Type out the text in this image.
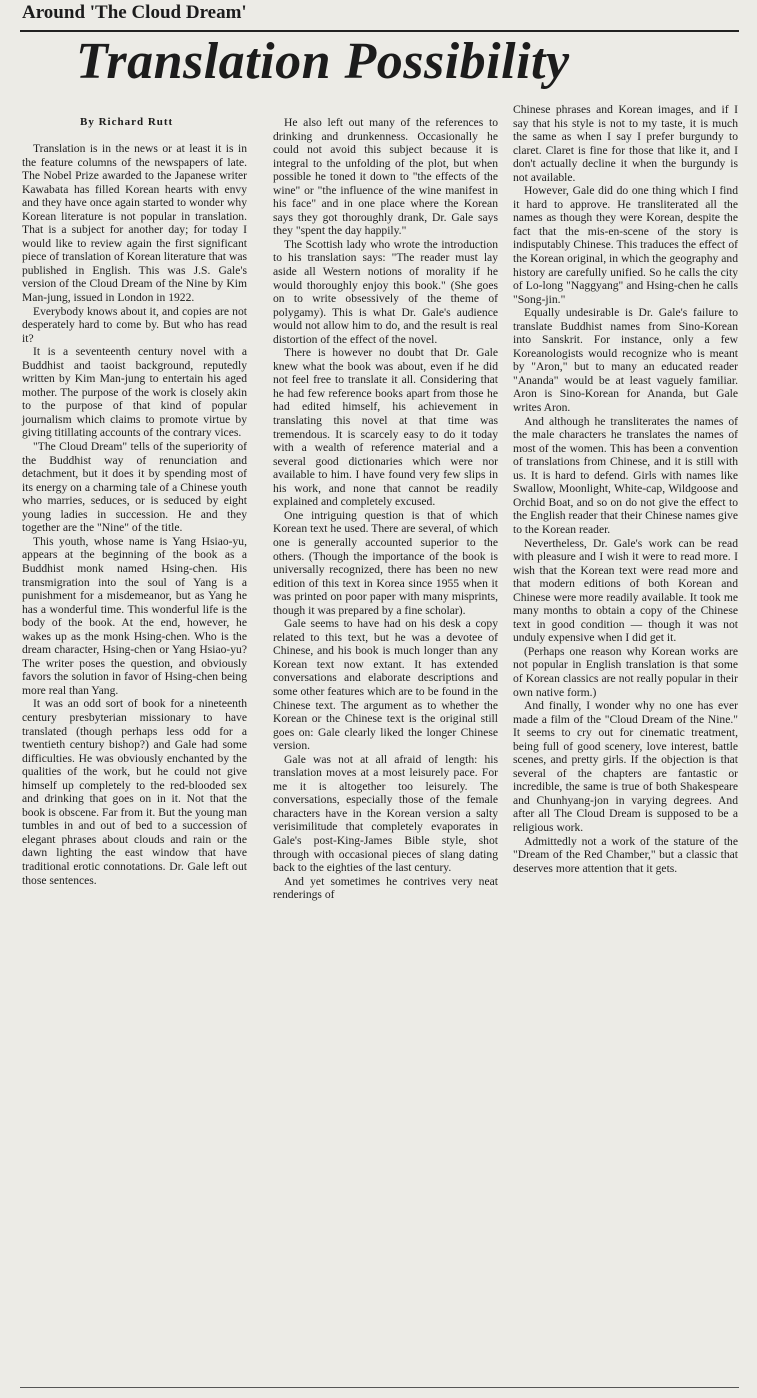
Around 'The Cloud Dream'
Translation Possibility
By Richard Rutt

Translation is in the news or at least it is in the feature columns of the newspapers of late. The Nobel Prize awarded to the Japanese writer Kawabata has filled Korean hearts with envy and they have once again started to wonder why Korean literature is not popular in translation. That is a subject for another day; for today I would like to review again the first significant piece of translation of Korean literature that was published in English. This was J.S. Gale's version of the Cloud Dream of the Nine by Kim Man-jung, issued in London in 1922.

Everybody knows about it, and copies are not desperately hard to come by. But who has read it?

It is a seventeenth century novel with a Buddhist and taoist background, reputedly written by Kim Man-jung to entertain his aged mother. The purpose of the work is closely akin to the purpose of that kind of popular journalism which claims to promote virtue by giving titillating accounts of the contrary vices.

"The Cloud Dream" tells of the superiority of the Buddhist way of renunciation and detachment, but it does it by spending most of its energy on a charming tale of a Chinese youth who marries, seduces, or is seduced by eight young ladies in succession. He and they together are the "Nine" of the title.

This youth, whose name is Yang Hsiao-yu, appears at the beginning of the book as a Buddhist monk named Hsing-chen. His transmigration into the soul of Yang is a punishment for a misdemeanor, but as Yang he has a wonderful time. This wonderful life is the body of the book. At the end, however, he wakes up as the monk Hsing-chen. Who is the dream character, Hsing-chen or Yang Hsiao-yu? The writer poses the question, and obviously favors the solution in favor of Hsing-chen being more real than Yang.

It was an odd sort of book for a nineteenth century presbyterian missionary to have translated (though perhaps less odd for a twentieth century bishop?) and Gale had some difficulties. He was obviously enchanted by the qualities of the work, but he could not give himself up completely to the red-blooded sex and drinking that goes on in it. Not that the book is obscene. Far from it. But the young man tumbles in and out of bed to a succession of elegant phrases about clouds and rain or the dawn lighting the east window that have traditional erotic connotations. Dr. Gale left out those sentences.

He also left out many of the references to drinking and drunkenness. Occasionally he could not avoid this subject because it is integral to the unfolding of the plot, but when possible he toned it down to "the effects of the wine" or "the influence of the wine manifest in his face" and in one place where the Korean says they got thoroughly drank, Dr. Gale says they "spent the day happily."

The Scottish lady who wrote the introduction to his translation says: "The reader must lay aside all Western notions of morality if he would thoroughly enjoy this book." (She goes on to write obsessively of the theme of polygamy). This is what Dr. Gale's audience would not allow him to do, and the result is real distortion of the effect of the novel.

There is however no doubt that Dr. Gale knew what the book was about, even if he did not feel free to translate it all. Considering that he had few reference books apart from those he had edited himself, his achievement in translating this novel at that time was tremendous. It is scarcely easy to do it today with a wealth of reference material and a several good dictionaries which were nor available to him. I have found very few slips in his work, and none that cannot be readily explained and completely excused.

One intriguing question is that of which Korean text he used. There are several, of which one is generally accounted superior to the others. (Though the importance of the book is universally recognized, there has been no new edition of this text in Korea since 1955 when it was printed on poor paper with many misprints, though it was prepared by a fine scholar).

Gale seems to have had on his desk a copy related to this text, but he was a devotee of Chinese, and his book is much longer than any Korean text now extant. It has extended conversations and elaborate descriptions and some other features which are to be found in the Chinese text. The argument as to whether the Korean or the Chinese text is the original still goes on: Gale clearly liked the longer Chinese version.

Gale was not at all afraid of length: his translation moves at a most leisurely pace. For me it is altogether too leisurely. The conversations, especially those of the female characters have in the Korean version a salty verisimilitude that completely evaporates in Gale's post-King-James Bible style, shot through with occasional pieces of slang dating back to the eighties of the last century.

And yet sometimes he contrives very neat renderings of

Chinese phrases and Korean images, and if I say that his style is not to my taste, it is much the same as when I say I prefer burgundy to claret. Claret is fine for those that like it, and I don't actually decline it when the burgundy is not available.

However, Gale did do one thing which I find it hard to approve. He transliterated all the names as though they were Korean, despite the fact that the mis-en-scene of the story is indisputably Chinese. This traduces the effect of the Korean original, in which the geography and history are carefully unified. So he calls the city of Lo-long "Naggyang" and Hsing-chen he calls "Song-jin."

Equally undesirable is Dr. Gale's failure to translate Buddhist names from Sino-Korean into Sanskrit. For instance, only a few Koreanologists would recognize who is meant by "Aron," but to many an educated reader "Ananda" would be at least vaguely familiar. Aron is Sino-Korean for Ananda, but Gale writes Aron.

And although he transliterates the names of the male characters he translates the names of most of the women. This has been a convention of translations from Chinese, and it is still with us. It is hard to defend. Girls with names like Swallow, Moonlight, White-cap, Wildgoose and Orchid Boat, and so on do not give the effect to the English reader that their Chinese names give to the Korean reader.

Nevertheless, Dr. Gale's work can be read with pleasure and I wish it were to read more. I wish that the Korean text were read more and that modern editions of both Korean and Chinese were more readily available. It took me many months to obtain a copy of the Chinese text in good condition — though it was not unduly expensive when I did get it.

(Perhaps one reason why Korean works are not popular in English translation is that some of Korean classics are not really popular in their own native form.)

And finally, I wonder why no one has ever made a film of the "Cloud Dream of the Nine." It seems to cry out for cinematic treatment, being full of good scenery, love interest, battle scenes, and pretty girls. If the objection is that several of the chapters are fantastic or incredible, the same is true of both Shakespeare and Chunhyang-jon in varying degrees. And after all The Cloud Dream is supposed to be a religious work.

Admittedly not a work of the stature of the "Dream of the Red Chamber," but a classic that deserves more attention that it gets.
